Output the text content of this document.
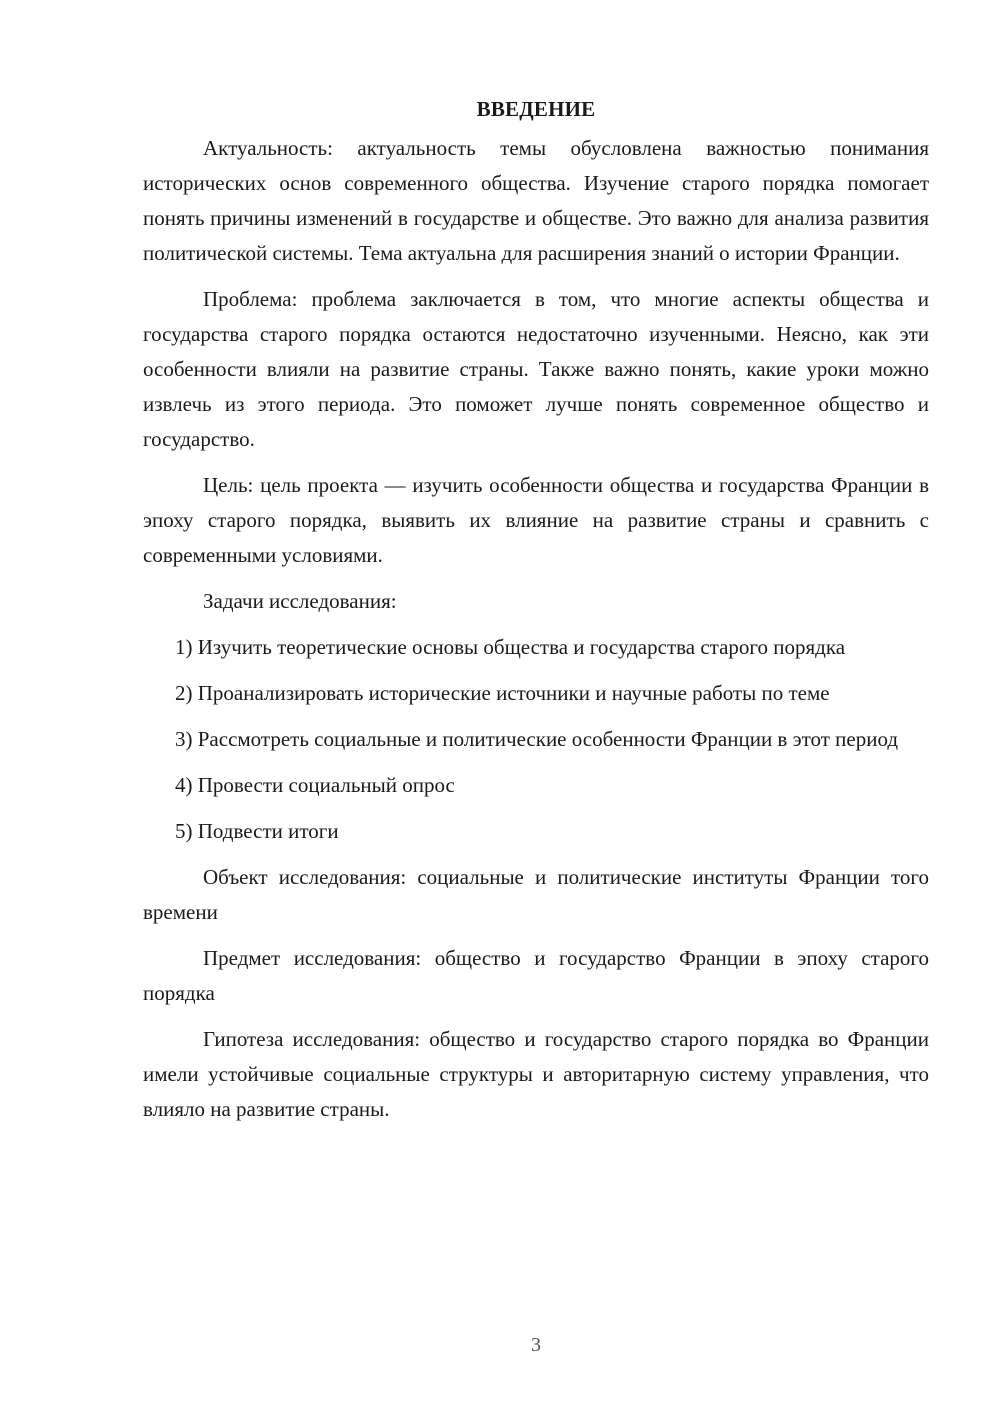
ВВЕДЕНИЕ

Актуальность: актуальность темы обусловлена важностью понимания исторических основ современного общества. Изучение старого порядка помогает понять причины изменений в государстве и обществе. Это важно для анализа развития политической системы. Тема актуальна для расширения знаний о истории Франции.

Проблема: проблема заключается в том, что многие аспекты общества и государства старого порядка остаются недостаточно изученными. Неясно, как эти особенности влияли на развитие страны. Также важно понять, какие уроки можно извлечь из этого периода. Это поможет лучше понять современное общество и государство.

Цель: цель проекта — изучить особенности общества и государства Франции в эпоху старого порядка, выявить их влияние на развитие страны и сравнить с современными условиями.

Задачи исследования:

1) Изучить теоретические основы общества и государства старого порядка

2) Проанализировать исторические источники и научные работы по теме

3) Рассмотреть социальные и политические особенности Франции в этот период

4) Провести социальный опрос

5) Подвести итоги

Объект исследования: социальные и политические институты Франции того времени

Предмет исследования: общество и государство Франции в эпоху старого порядка

Гипотеза исследования: общество и государство старого порядка во Франции имели устойчивые социальные структуры и авторитарную систему управления, что влияло на развитие страны.

3
